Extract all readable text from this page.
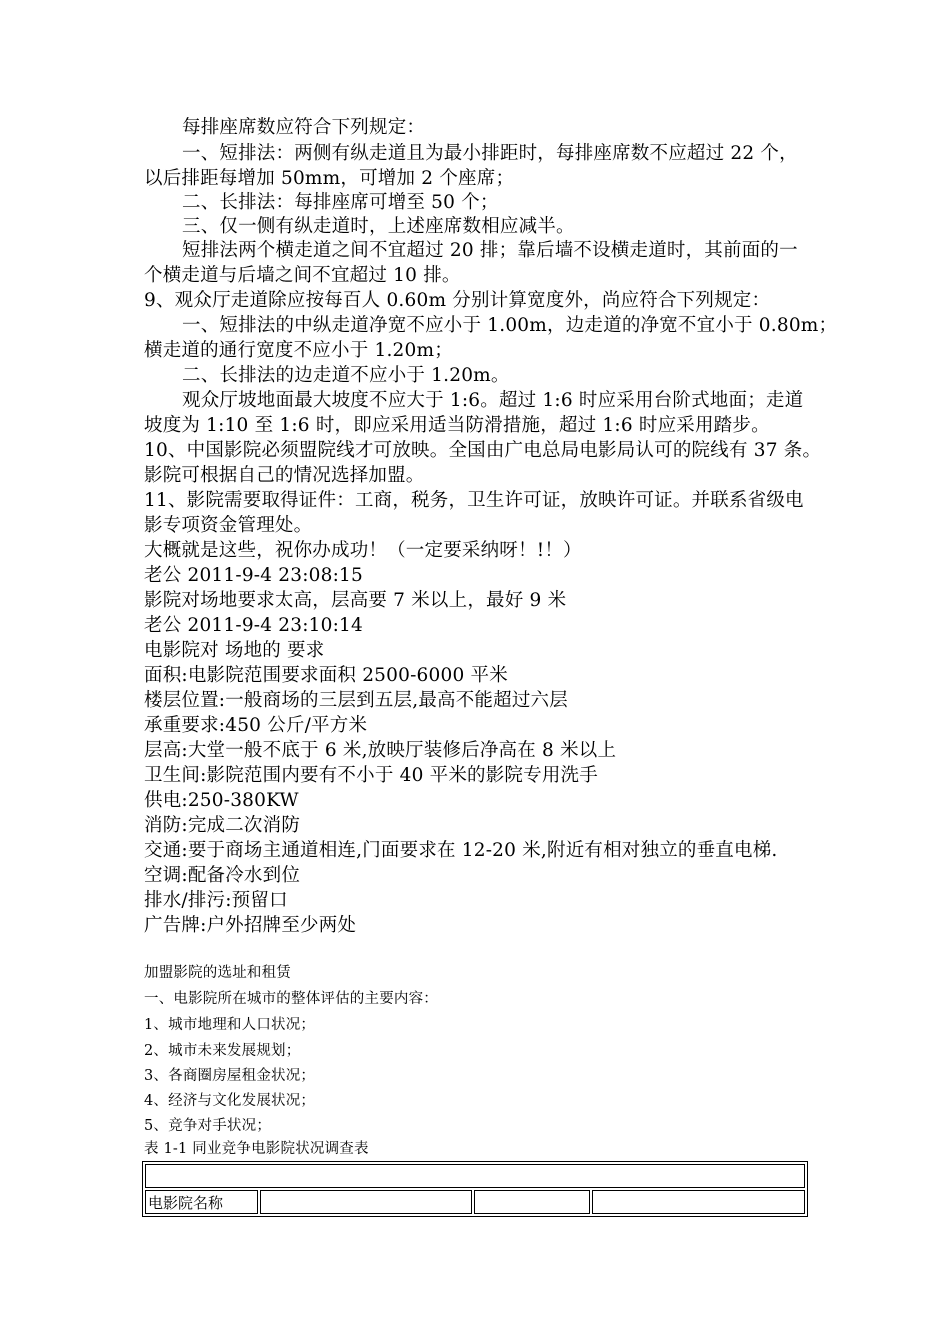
每排座席数应符合下列规定：
一、短排法：两侧有纵走道且为最小排距时，每排座席数不应超过 22 个，
以后排距每增加 50mm，可增加 2 个座席；
二、长排法：每排座席可增至 50 个；
三、仅一侧有纵走道时，上述座席数相应减半。
短排法两个横走道之间不宜超过 20 排；靠后墙不设横走道时，其前面的一
个横走道与后墙之间不宜超过 10 排。
9、观众厅走道除应按每百人 0.60m 分别计算宽度外，尚应符合下列规定：
一、短排法的中纵走道净宽不应小于 1.00m，边走道的净宽不宜小于 0.80m；
横走道的通行宽度不应小于 1.20m；
二、长排法的边走道不应小于 1.20m。
观众厅坡地面最大坡度不应大于 1:6。超过 1:6 时应采用台阶式地面；走道
坡度为 1:10 至 1:6 时，即应采用适当防滑措施，超过 1:6 时应采用踏步。
10、中国影院必须盟院线才可放映。全国由广电总局电影局认可的院线有 37 条。
影院可根据自己的情况选择加盟。
11、影院需要取得证件：工商，税务，卫生许可证，放映许可证。并联系省级电
影专项资金管理处。
大概就是这些，祝你办成功！（一定要采纳呀！!！）
老公 2011-9-4 23:08:15
影院对场地要求太高，层高要 7 米以上，最好 9 米
老公 2011-9-4 23:10:14
电影院对 场地的 要求
面积:电影院范围要求面积 2500-6000 平米
楼层位置:一般商场的三层到五层,最高不能超过六层
承重要求:450 公斤/平方米
层高:大堂一般不底于 6 米,放映厅装修后净高在 8 米以上
卫生间:影院范围内要有不小于 40 平米的影院专用洗手
供电:250-380KW
消防:完成二次消防
交通:要于商场主通道相连,门面要求在 12-20 米,附近有相对独立的垂直电梯.
空调:配备冷水到位
排水/排污:预留口
广告牌:户外招牌至少两处
加盟影院的选址和租赁
一、电影院所在城市的整体评估的主要内容：
1、城市地理和人口状况；
2、城市未来发展规划；
3、各商圈房屋租金状况；
4、经济与文化发展状况；
5、竞争对手状况；
表 1-1 同业竞争电影院状况调查表

电影院名称			
